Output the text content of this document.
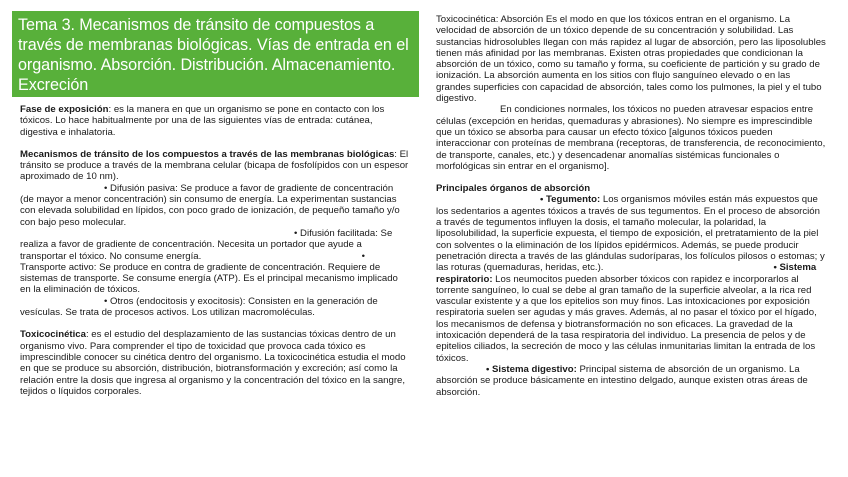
Tema 3. Mecanismos de tránsito de compuestos a través de membranas biológicas. Vías de entrada en el organismo. Absorción. Distribución. Almacenamiento. Excreción

Fase de exposición: es la manera en que un organismo se pone en contacto con los tóxicos. Lo hace habitualmente por una de las siguientes vías de entrada: cutánea, digestiva e inhalatoria.

Mecanismos de tránsito de los compuestos a través de las membranas biológicas: El tránsito se produce a través de la membrana celular (bicapa de fosfolípidos con un espesor aproximado de 10 nm).

• Difusión pasiva: Se produce a favor de gradiente de concentración (de mayor a menor concentración) sin consumo de energía. La experimentan sustancias con elevada solubilidad en lípidos, con poco grado de ionización, de pequeño tamaño y/o con bajo peso molecular.

• Difusión facilitada: Se realiza a favor de gradiente de concentración. Necesita un portador que ayude a transportar el tóxico. No consume energía.	•
Transporte activo: Se produce en contra de gradiente de concentración. Requiere de sistemas de transporte. Se consume energía (ATP). Es el principal mecanismo implicado en la eliminación de tóxicos.

• Otros (endocitosis y exocitosis): Consisten en la generación de vesículas. Se trata de procesos activos. Los utilizan macromoléculas.

Toxicocinética: es el estudio del desplazamiento de las sustancias tóxicas dentro de un organismo vivo. Para comprender el tipo de toxicidad que provoca cada tóxico es imprescindible conocer su cinética dentro del organismo. La toxicocinética estudia el modo en que se produce su absorción, distribución, biotransformación y excreción; así como la relación entre la dosis que ingresa al organismo y la concentración del tóxico en la sangre, tejidos o líquidos corporales.

Toxicocinética: Absorción Es el modo en que los tóxicos entran en el organismo. La velocidad de absorción de un tóxico depende de su concentración y solubilidad. Las sustancias hidrosolubles llegan con más rapidez al lugar de absorción, pero las liposolubles tienen más afinidad por las membranas. Existen otras propiedades que condicionan la absorción de un tóxico, como su tamaño y forma, su coeficiente de partición y su grado de ionización. La absorción aumenta en los sitios con flujo sanguíneo elevado o en las grandes superficies con capacidad de absorción, tales como los pulmones, la piel y el tubo digestivo.

En condiciones normales, los tóxicos no pueden atravesar espacios entre células (excepción en heridas, quemaduras y abrasiones). No siempre es imprescindible que un tóxico se absorba para causar un efecto tóxico [algunos tóxicos pueden interaccionar con proteínas de membrana (receptoras, de transferencia, de reconocimiento, de transporte, canales, etc.) y desencadenar anomalías sistémicas funcionales o morfológicas sin entrar en el organismo].

Principales órganos de absorción

• Tegumento: Los organismos móviles están más expuestos que los sedentarios a agentes tóxicos a través de sus tegumentos. En el proceso de absorción a través de tegumentos influyen la dosis, el tamaño molecular, la polaridad, la liposolubilidad, la superficie expuesta, el tiempo de exposición, el pretratamiento de la piel con solventes o la eliminación de los lípidos epidérmicos. Además, se puede producir penetración directa a través de las glándulas sudoríparas, los folículos pilosos o estomas; y las roturas (quemaduras, heridas, etc.).	• Sistema respiratorio: Los neumocitos pueden absorber tóxicos con rapidez e incorporarlos al torrente sanguíneo, lo cual se debe al gran tamaño de la superficie alveolar, a la rica red vascular existente y a que los epitelios son muy finos. Las intoxicaciones por exposición respiratoria suelen ser agudas y más graves. Además, al no pasar el tóxico por el hígado, los mecanismos de defensa y biotransformación no son eficaces. La gravedad de la intoxicación dependerá de la tasa respiratoria del individuo. La presencia de pelos y de epitelios ciliados, la secreción de moco y las células inmunitarias limitan la entrada de los tóxicos.

• Sistema digestivo: Principal sistema de absorción de un organismo. La absorción se produce básicamente en intestino delgado, aunque existen otras áreas de absorción.
